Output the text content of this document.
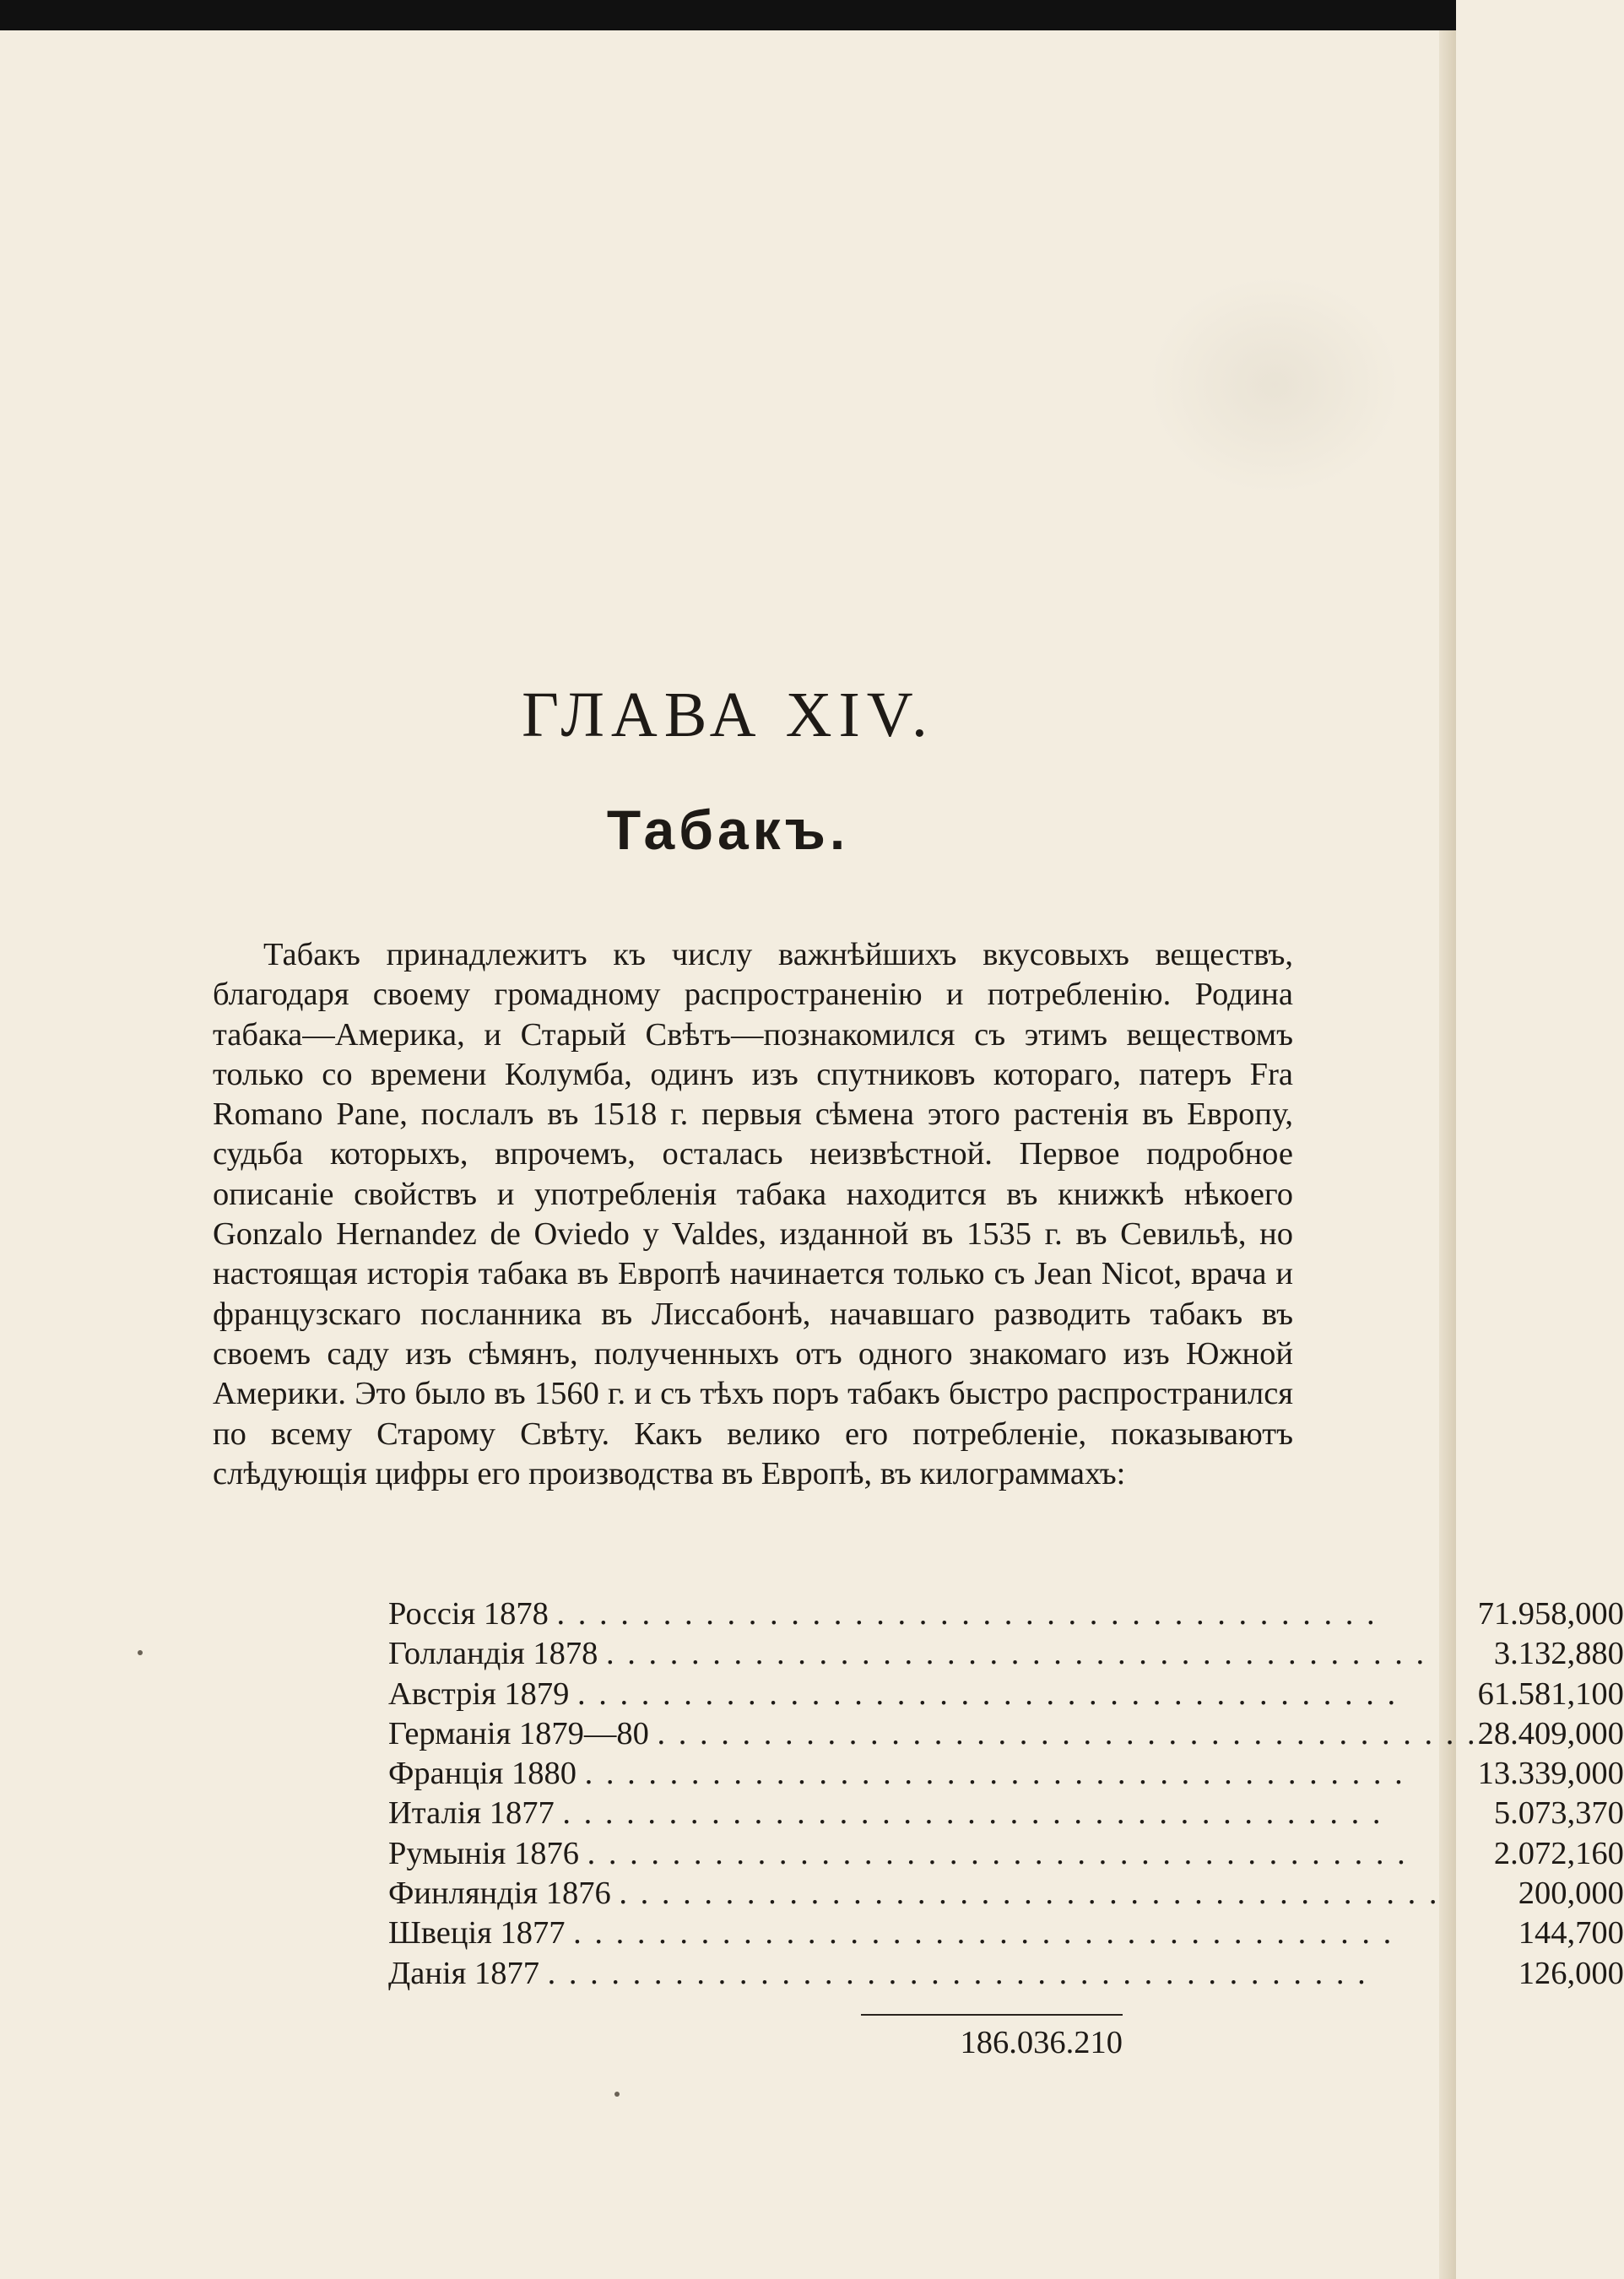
ГЛАВА XIV.
Табакъ.

Табакъ принадлежитъ къ числу важнѣйшихъ вкусовыхъ веществъ, благодаря своему громадному распространенію и потребленію. Родина табака—Америка, и Старый Свѣтъ—познакомился съ этимъ веществомъ только со времени Колумба, одинъ изъ спутниковъ котораго, патеръ Fra Romano Pane, послалъ въ 1518 г. первыя сѣмена этого растенія въ Европу, судьба которыхъ, впрочемъ, осталась неизвѣстной. Первое подробное описаніе свойствъ и употребленія табака находится въ книжкѣ нѣкоего Gonzalo Hernandez de Oviedo y Valdes, изданной въ 1535 г. въ Севильѣ, но настоящая исторія табака въ Европѣ начинается только съ Jean Nicot, врача и французскаго посланника въ Лиссабонѣ, начавшаго разводить табакъ въ своемъ саду изъ сѣмянъ, полученныхъ отъ одного знакомаго изъ Южной Америки. Это было въ 1560 г. и съ тѣхъ поръ табакъ быстро распространился по всему Старому Свѣту. Какъ велико его потребленіе, показываютъ слѣдующія цифры его производства въ Европѣ, въ килограммахъ:

Россія 1878 . . . . . . . . . . . . . . . . . . . . . . . . . . . . . . . . . . . . . . .	71.958,000
Голландія 1878 . . . . . . . . . . . . . . . . . . . . . . . . . . . . . . . . . . . . . . .	3.132,880
Австрія 1879 . . . . . . . . . . . . . . . . . . . . . . . . . . . . . . . . . . . . . . .	61.581,100
Германія 1879—80 . . . . . . . . . . . . . . . . . . . . . . . . . . . . . . . . . . . . . . .	28.409,000
Франція 1880 . . . . . . . . . . . . . . . . . . . . . . . . . . . . . . . . . . . . . . .	13.339,000
Италія 1877 . . . . . . . . . . . . . . . . . . . . . . . . . . . . . . . . . . . . . . .	5.073,370
Румынія 1876 . . . . . . . . . . . . . . . . . . . . . . . . . . . . . . . . . . . . . . .	2.072,160
Финляндія 1876 . . . . . . . . . . . . . . . . . . . . . . . . . . . . . . . . . . . . . . .	200,000
Швеція 1877 . . . . . . . . . . . . . . . . . . . . . . . . . . . . . . . . . . . . . . .	144,700
Данія 1877 . . . . . . . . . . . . . . . . . . . . . . . . . . . . . . . . . . . . . . .	126,000
186.036.210
